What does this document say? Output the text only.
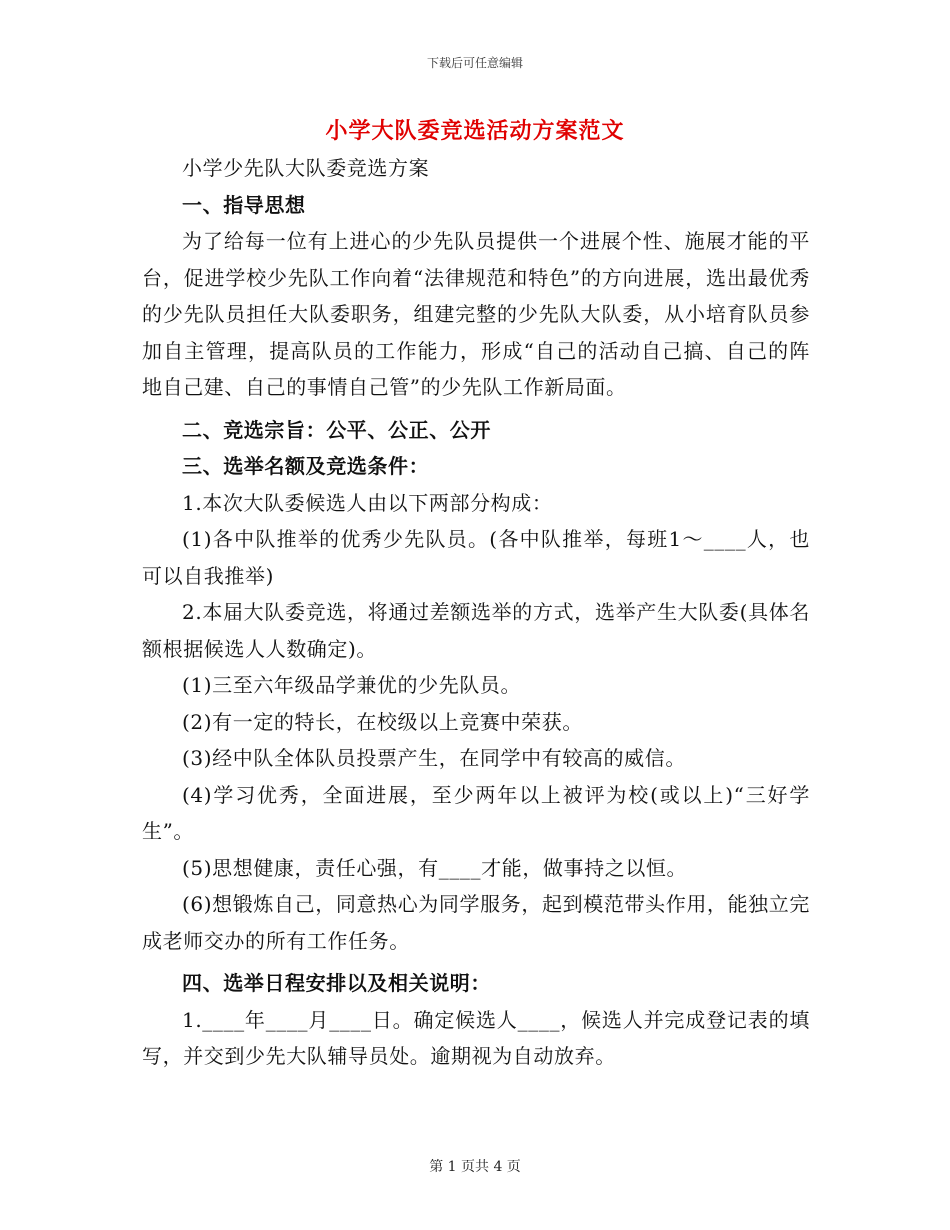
下载后可任意编辑
小学大队委竞选活动方案范文

小学少先队大队委竞选方案

一、指导思想

为了给每一位有上进心的少先队员提供一个进展个性、施展才能的平台，促进学校少先队工作向着“法律规范和特色”的方向进展，选出最优秀的少先队员担任大队委职务，组建完整的少先队大队委，从小培育队员参加自主管理，提高队员的工作能力，形成“自己的活动自己搞、自己的阵地自己建、自己的事情自己管”的少先队工作新局面。

二、竞选宗旨：公平、公正、公开

三、选举名额及竞选条件：

1.本次大队委候选人由以下两部分构成：

(1)各中队推举的优秀少先队员。(各中队推举，每班1～____人，也可以自我推举)

2.本届大队委竞选，将通过差额选举的方式，选举产生大队委(具体名额根据候选人人数确定)。

(1)三至六年级品学兼优的少先队员。

(2)有一定的特长，在校级以上竞赛中荣获。

(3)经中队全体队员投票产生，在同学中有较高的威信。

(4)学习优秀，全面进展，至少两年以上被评为校(或以上)“三好学生”。

(5)思想健康，责任心强，有____才能，做事持之以恒。

(6)想锻炼自己，同意热心为同学服务，起到模范带头作用，能独立完成老师交办的所有工作任务。

四、选举日程安排以及相关说明：

1.____年____月____日。确定候选人____，候选人并完成登记表的填写，并交到少先大队辅导员处。逾期视为自动放弃。

第 1 页共 4 页
